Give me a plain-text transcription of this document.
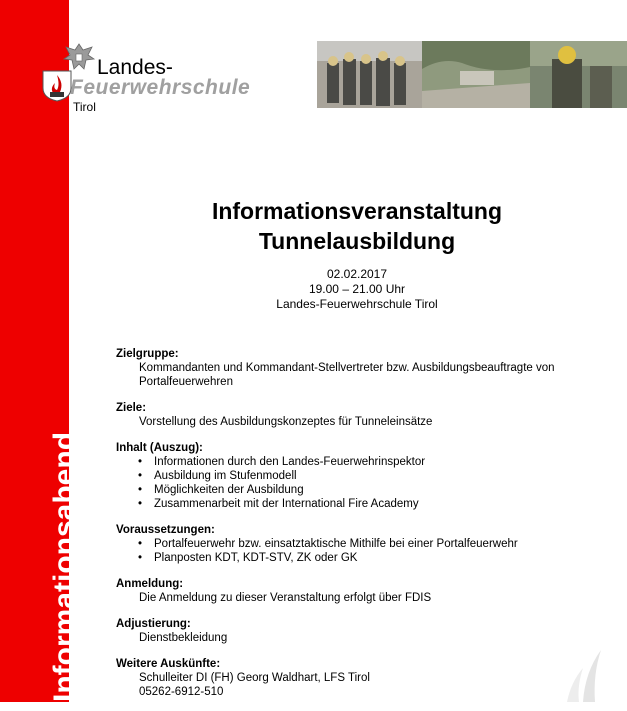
Informationsabend
Landes-
Feuerwehrschule
Tirol
Informationsveranstaltung
Tunnelausbildung
02.02.2017
19.00 – 21.00 Uhr
Landes-Feuerwehrschule Tirol
Zielgruppe:
Kommandanten und Kommandant-Stellvertreter bzw. Ausbildungsbeauftragte von Portalfeuerwehren
Ziele:
Vorstellung des Ausbildungskonzeptes für Tunneleinsätze
Inhalt (Auszug):
• Informationen durch den Landes-Feuerwehrinspektor
• Ausbildung im Stufenmodell
• Möglichkeiten der Ausbildung
• Zusammenarbeit mit der International Fire Academy
Voraussetzungen:
• Portalfeuerwehr bzw. einsatztaktische Mithilfe bei einer Portalfeuerwehr
• Planposten KDT, KDT-STV, ZK oder GK
Anmeldung:
Die Anmeldung zu dieser Veranstaltung erfolgt über FDIS
Adjustierung:
Dienstbekleidung
Weitere Auskünfte:
Schulleiter DI (FH) Georg Waldhart, LFS Tirol
05262-6912-510
